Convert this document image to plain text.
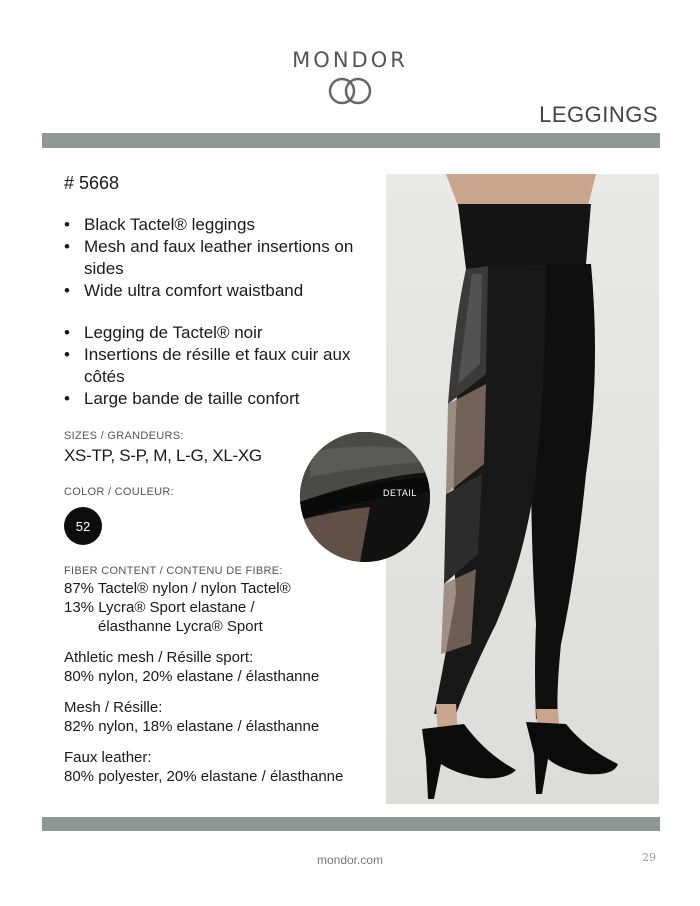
MONDOR
LEGGINGS
# 5668
• Black Tactel® leggings
• Mesh and faux leather insertions on sides
• Wide ultra comfort waistband
• Legging de Tactel® noir
• Insertions de résille et faux cuir aux côtés
• Large bande de taille confort
SIZES / GRANDEURS:
XS-TP, S-P, M, L-G, XL-XG
COLOR / COULEUR:
52
FIBER CONTENT / CONTENU DE FIBRE:
87% Tactel® nylon / nylon Tactel®
13% Lycra® Sport elastane /
élasthanne Lycra® Sport
Athletic mesh / Résille sport:
80% nylon, 20% elastane / élasthanne
Mesh / Résille:
82% nylon, 18% elastane / élasthanne
Faux leather:
80% polyester, 20% elastane / élasthanne
DETAIL
mondor.com	29
